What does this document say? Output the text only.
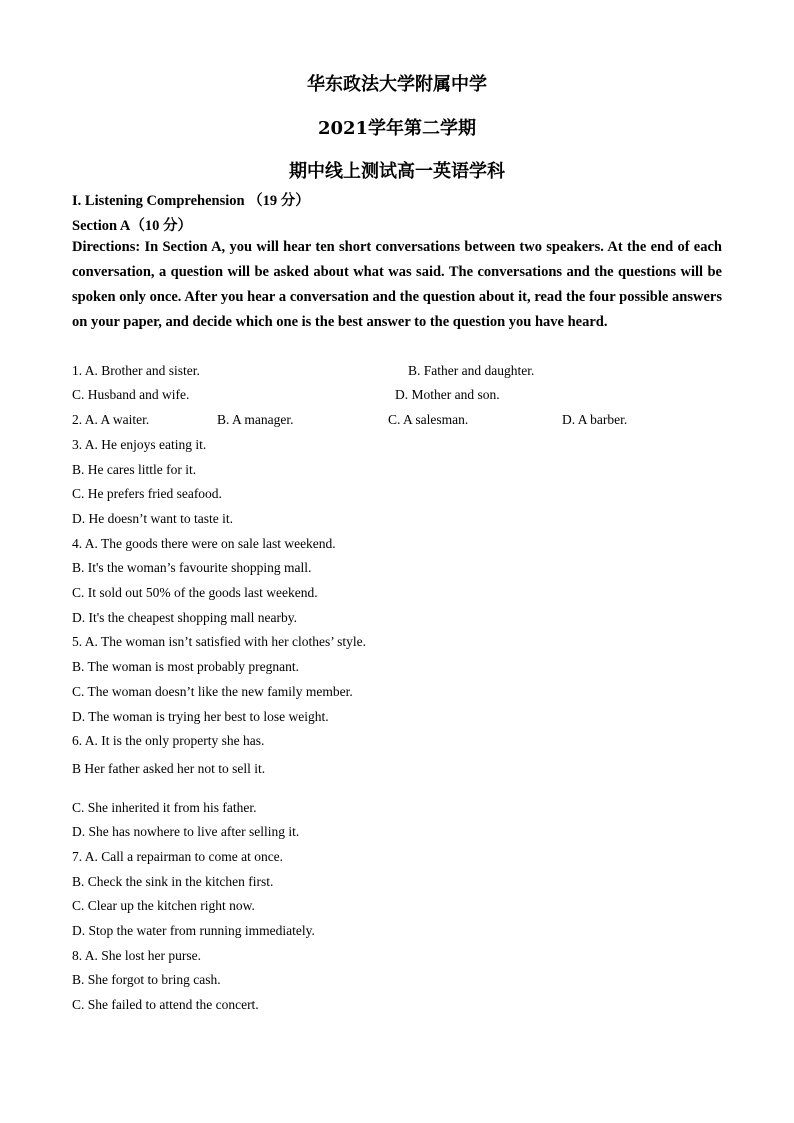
华东政法大学附属中学
2021学年第二学期
期中线上测试高一英语学科
I. Listening Comprehension （19 分）
Section A（10 分）
Directions: In Section A, you will hear ten short conversations between two speakers. At the end of each conversation, a question will be asked about what was said. The conversations and the questions will be spoken only once. After you hear a conversation and the question about it, read the four possible answers on your paper, and decide which one is the best answer to the question you have heard.
1. A. Brother and sister.	B. Father and daughter.
C. Husband and wife.	D. Mother and son.
2. A. A waiter.	B. A manager.	C. A salesman.	D. A barber.
3. A. He enjoys eating it.
B. He cares little for it.
C. He prefers fried seafood.
D. He doesn’t want to taste it.
4. A. The goods there were on sale last weekend.
B. It's the woman’s favourite shopping mall.
C. It sold out 50% of the goods last weekend.
D. It's the cheapest shopping mall nearby.
5. A. The woman isn’t satisfied with her clothes’ style.
B. The woman is most probably pregnant.
C. The woman doesn’t like the new family member.
D. The woman is trying her best to lose weight.
6. A. It is the only property she has.
B Her father asked her not to sell it.
C. She inherited it from his father.
D. She has nowhere to live after selling it.
7. A. Call a repairman to come at once.
B. Check the sink in the kitchen first.
C. Clear up the kitchen right now.
D. Stop the water from running immediately.
8. A. She lost her purse.
B. She forgot to bring cash.
C. She failed to attend the concert.
